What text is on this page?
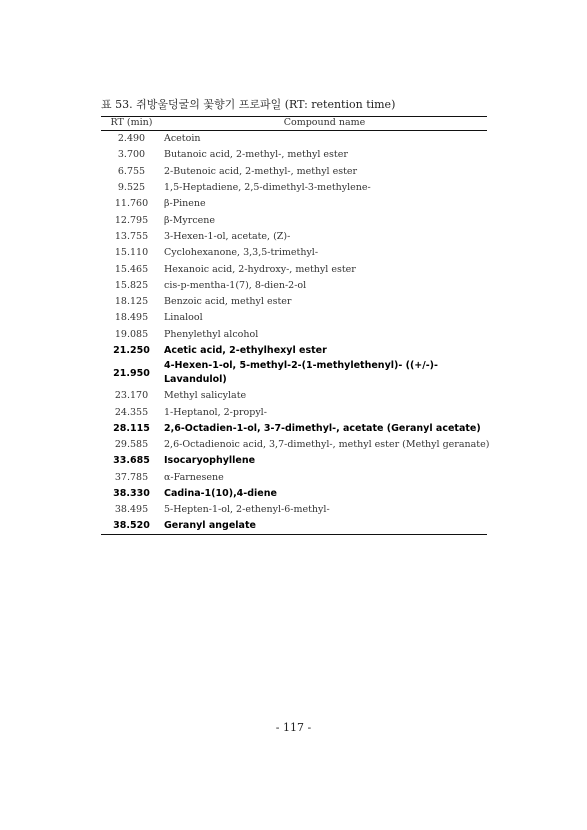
표 53. 쥐방울덩굴의 꽃향기 프로파일 (RT: retention time)
RT (min)	Compound name
2.490	Acetoin
3.700	Butanoic acid, 2-methyl-, methyl ester
6.755	2-Butenoic acid, 2-methyl-, methyl ester
9.525	1,5-Heptadiene, 2,5-dimethyl-3-methylene-
11.760	β-Pinene
12.795	β-Myrcene
13.755	3-Hexen-1-ol, acetate, (Z)-
15.110	Cyclohexanone, 3,3,5-trimethyl-
15.465	Hexanoic acid, 2-hydroxy-, methyl ester
15.825	cis-p-mentha-1(7), 8-dien-2-ol
18.125	Benzoic acid, methyl ester
18.495	Linalool
19.085	Phenylethyl alcohol
21.250	Acetic acid, 2-ethylhexyl ester
21.950	4-Hexen-1-ol, 5-methyl-2-(1-methylethenyl)- ((+/-)-Lavandulol)
23.170	Methyl salicylate
24.355	1-Heptanol, 2-propyl-
28.115	2,6-Octadien-1-ol, 3-7-dimethyl-, acetate (Geranyl acetate)
29.585	2,6-Octadienoic acid, 3,7-dimethyl-, methyl ester (Methyl geranate)
33.685	Isocaryophyllene
37.785	α-Farnesene
38.330	Cadina-1(10),4-diene
38.495	5-Hepten-1-ol, 2-ethenyl-6-methyl-
38.520	Geranyl angelate
- 117 -
